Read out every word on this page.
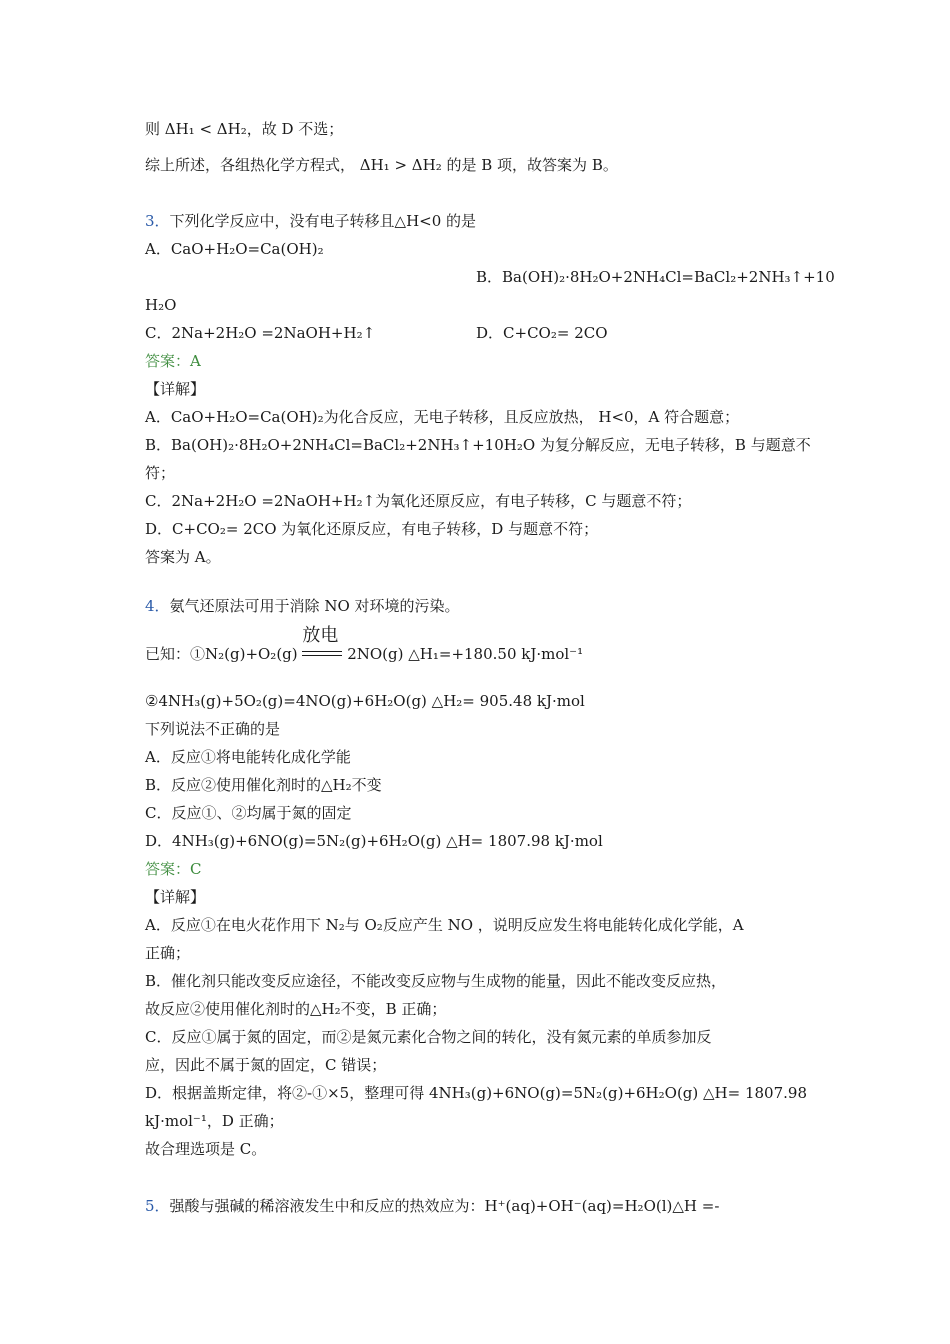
则 ΔH₁ < ΔH₂，故 D 不选；
综上所述，各组热化学方程式， ΔH₁ > ΔH₂ 的是 B 项，故答案为 B。
3．下列化学反应中，没有电子转移且△H<0 的是
A．CaO+H₂O=Ca(OH)₂
B．Ba(OH)₂·8H₂O+2NH₄Cl=BaCl₂+2NH₃↑+10
H₂O
C．2Na+2H₂O =2NaOH+H₂↑	D．C+CO₂= 2CO
答案：A
【详解】
A．CaO+H₂O=Ca(OH)₂为化合反应，无电子转移，且反应放热， H<0，A 符合题意；
B．Ba(OH)₂·8H₂O+2NH₄Cl=BaCl₂+2NH₃↑+10H₂O 为复分解反应，无电子转移，B 与题意不
符；
C．2Na+2H₂O =2NaOH+H₂↑为氧化还原反应，有电子转移，C 与题意不符；
D．C+CO₂= 2CO 为氧化还原反应，有电子转移，D 与题意不符；
答案为 A。
4．氨气还原法可用于消除 NO 对环境的污染。
已知：①N₂(g)+O₂(g)
放电
2NO(g) △H₁=+180.50 kJ·mol⁻¹
②4NH₃(g)+5O₂(g)=4NO(g)+6H₂O(g) △H₂= 905.48 kJ·mol
下列说法不正确的是
A．反应①将电能转化成化学能
B．反应②使用催化剂时的△H₂不变
C．反应①、②均属于氮的固定
D．4NH₃(g)+6NO(g)=5N₂(g)+6H₂O(g) △H= 1807.98 kJ·mol
答案：C
【详解】
A．反应①在电火花作用下 N₂与 O₂反应产生 NO ，说明反应发生将电能转化成化学能，A
正确；
B．催化剂只能改变反应途径，不能改变反应物与生成物的能量，因此不能改变反应热，
故反应②使用催化剂时的△H₂不变，B 正确；
C．反应①属于氮的固定，而②是氮元素化合物之间的转化，没有氮元素的单质参加反
应，因此不属于氮的固定，C 错误；
D．根据盖斯定律，将②-①×5，整理可得 4NH₃(g)+6NO(g)=5N₂(g)+6H₂O(g) △H= 1807.98
kJ·mol⁻¹，D 正确；
故合理选项是 C。
5．强酸与强碱的稀溶液发生中和反应的热效应为：H⁺(aq)+OH⁻(aq)=H₂O(l)△H =-
